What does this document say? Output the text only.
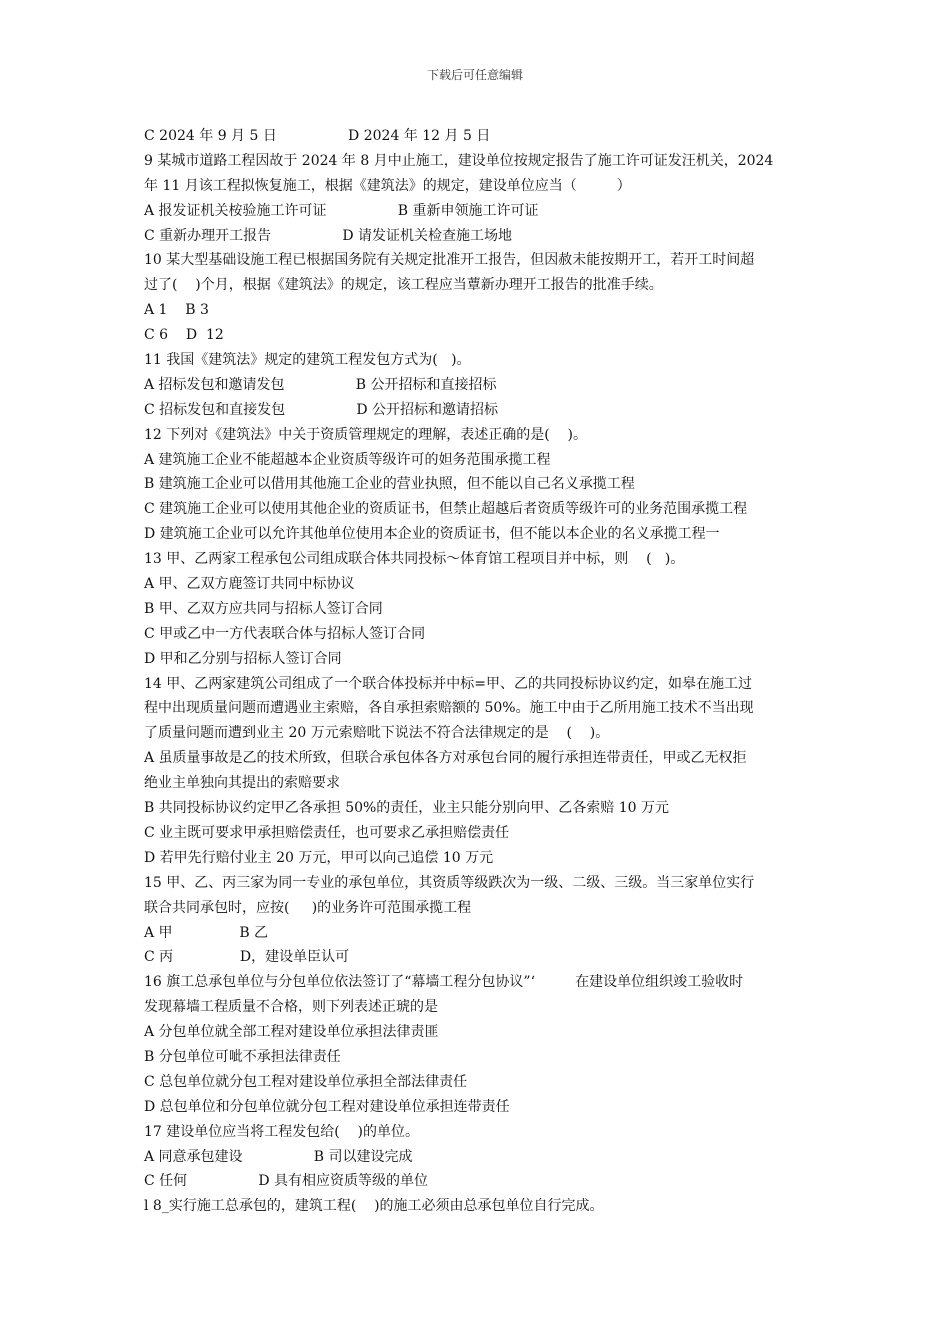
下载后可任意编辑
C 2024 年 9 月 5 日                D 2024 年 12 月 5 日
9 某城市道路工程因故于 2024 年 8 月中止施工，建设单位按规定报告了施工许可证发汪机关，2024
年 11 月该工程拟恢复施工，根据《建筑法》的规定，建设单位应当（         ）
A 报发证机关桉验施工许可证                B 重新申领施工许可证
C 重新办理开工报告                D 请发证机关检查施工场地
10 某大型基础设施工程已根据国务院有关规定批准开工报告，但因赦未能按期开工，若开工时间超
过了(    )个月，根据《建筑法》的规定，该工程应当蕈新办理开工报告的批准手续。
A 1    B 3
C 6    D  12
11 我国《建筑法》规定的建筑工程发包方式为(   )。
A 招标发包和邀请发包                B 公开招标和直接招标
C 招标发包和直接发包                D 公开招标和邀请招标
12 下列对《建筑法》中关于资质管理规定的理解，表述正确的是(    )。
A 建筑施工企业不能超越本企业资质等级许可的妲务范围承揽工程
B 建筑施工企业可以借用其他施工企业的营业执照，但不能以自己名义承揽工程
C 建筑施工企业可以使用其他企业的资质证书，但禁止超越后者资质等级许可的业务范围承揽工程
D 建筑施工企业可以允许其他单位使用本企业的资质证书，但不能以本企业的名义承揽工程一
13 甲、乙两家工程承包公司组成联合体共同投标～体育馆工程项目并中标，则    (   )。
A 甲、乙双方鹿签订共同中标协议
B 甲、乙双方应共同与招标人签订合同
C 甲或乙中一方代表联合体与招标人签订合同
D 甲和乙分别与招标人签订合同
14 甲、乙两家建筑公司组成了一个联合体投标并中标=甲、乙的共同投标协议约定，如皋在施工过
程中出现质量问题而遭遇业主索赔，各自承担索赔额的 50%。施工中由于乙所用施工技术不当出现
了质量问题而遭到业主 20 万元索赔吡下说法不符合法律规定的是    (    )。
A 虽质量事故是乙的技术所致，但联合承包体各方对承包台同的履行承担连带责任，甲或乙无权拒
绝业主单独向其提出的索赔要求
B 共同投标协议约定甲乙各承担 50%的责任，业主只能分别向甲、乙各索赔 10 万元
C 业主既可要求甲承担赔偿责任，也可要求乙承担赔偿责任
D 若甲先行赔付业主 20 万元，甲可以向己追偿 10 万元
15 甲、乙、丙三家为同一专业的承包单位，其资质等级跌次为一级、二级、三级。当三家单位实行
联合共同承包时，应按(     )的业务许可范围承揽工程
A 甲               B 乙
C 丙               D，建设单臣认可
16 旗工总承包单位与分包单位依法签订了“幕墙工程分包协议”‘         在建设单位组织竣工验收时
发现幕墙工程质量不合格，则下列表述正琥的是
A 分包单位就全部工程对建设单位承担法律责匪
B 分包单位可呲不承担法律责任
C 总包单位就分包工程对建设单位承担全部法律责任
D 总包单位和分包单位就分包工程对建设单位承担连带责任
17 建设单位应当将工程发包给(    )的单位。
A 同意承包建设                B 司以建设完成
C 任何                D 具有相应资质等级的单位
l 8_实行施工总承包的，建筑工程(    )的施工必须由总承包单位自行完成。
